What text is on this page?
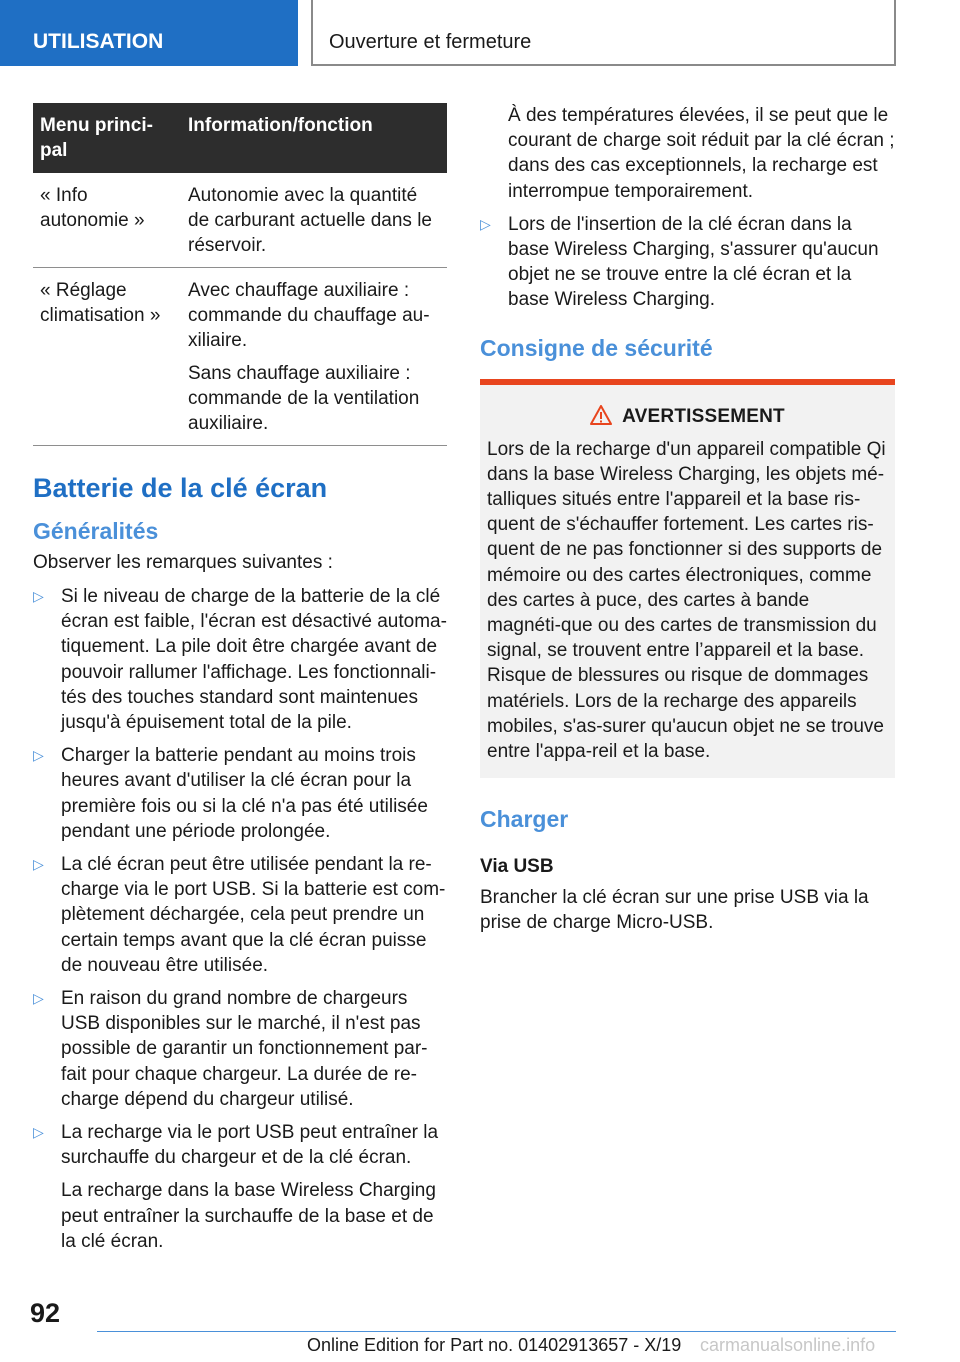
UTILISATION	Ouverture et fermeture
Menu princi-pal	Information/fonction
« Info autonomie »	Autonomie avec la quantité de carburant actuelle dans le réservoir.

« Réglage climatisation »	Avec chauffage auxiliaire : commande du chauffage au-xiliaire.

Sans chauffage auxiliaire : commande de la ventilation auxiliaire.

Batterie de la clé écran
Généralités

Observer les remarques suivantes :

▷ Si le niveau de charge de la batterie de la clé écran est faible, l'écran est désactivé automa-tiquement. La pile doit être chargée avant de pouvoir rallumer l'affichage. Les fonctionnali-tés des touches standard sont maintenues jusqu'à épuisement total de la pile.
▷ Charger la batterie pendant au moins trois heures avant d'utiliser la clé écran pour la première fois ou si la clé n'a pas été utilisée pendant une période prolongée.
▷ La clé écran peut être utilisée pendant la re-charge via le port USB. Si la batterie est com-plètement déchargée, cela peut prendre un certain temps avant que la clé écran puisse de nouveau être utilisée.
▷ En raison du grand nombre de chargeurs USB disponibles sur le marché, il n'est pas possible de garantir un fonctionnement par-fait pour chaque chargeur. La durée de re-charge dépend du chargeur utilisé.
▷ La recharge via le port USB peut entraîner la surchauffe du chargeur et de la clé écran.

La recharge dans la base Wireless Charging peut entraîner la surchauffe de la base et de la clé écran.

À des températures élevées, il se peut que le courant de charge soit réduit par la clé écran ; dans des cas exceptionnels, la recharge est interrompue temporairement.

▷ Lors de l'insertion de la clé écran dans la base Wireless Charging, s'assurer qu'aucun objet ne se trouve entre la clé écran et la base Wireless Charging.
Consigne de sécurité
AVERTISSEMENT
Lors de la recharge d'un appareil compatible Qi dans la base Wireless Charging, les objets mé-talliques situés entre l'appareil et la base ris-quent de s'échauffer fortement. Les cartes ris-quent de ne pas fonctionner si des supports de mémoire ou des cartes électroniques, comme des cartes à puce, des cartes à bande magnéti-que ou des cartes de transmission du signal, se trouvent entre l’appareil et la base. Risque de blessures ou risque de dommages matériels. Lors de la recharge des appareils mobiles, s'as-surer qu'aucun objet ne se trouve entre l'appa-reil et la base.
Charger
Via USB

Brancher la clé écran sur une prise USB via la prise de charge Micro-USB.

92
Online Edition for Part no. 01402913657 - X/19 carmanualsonline.info
